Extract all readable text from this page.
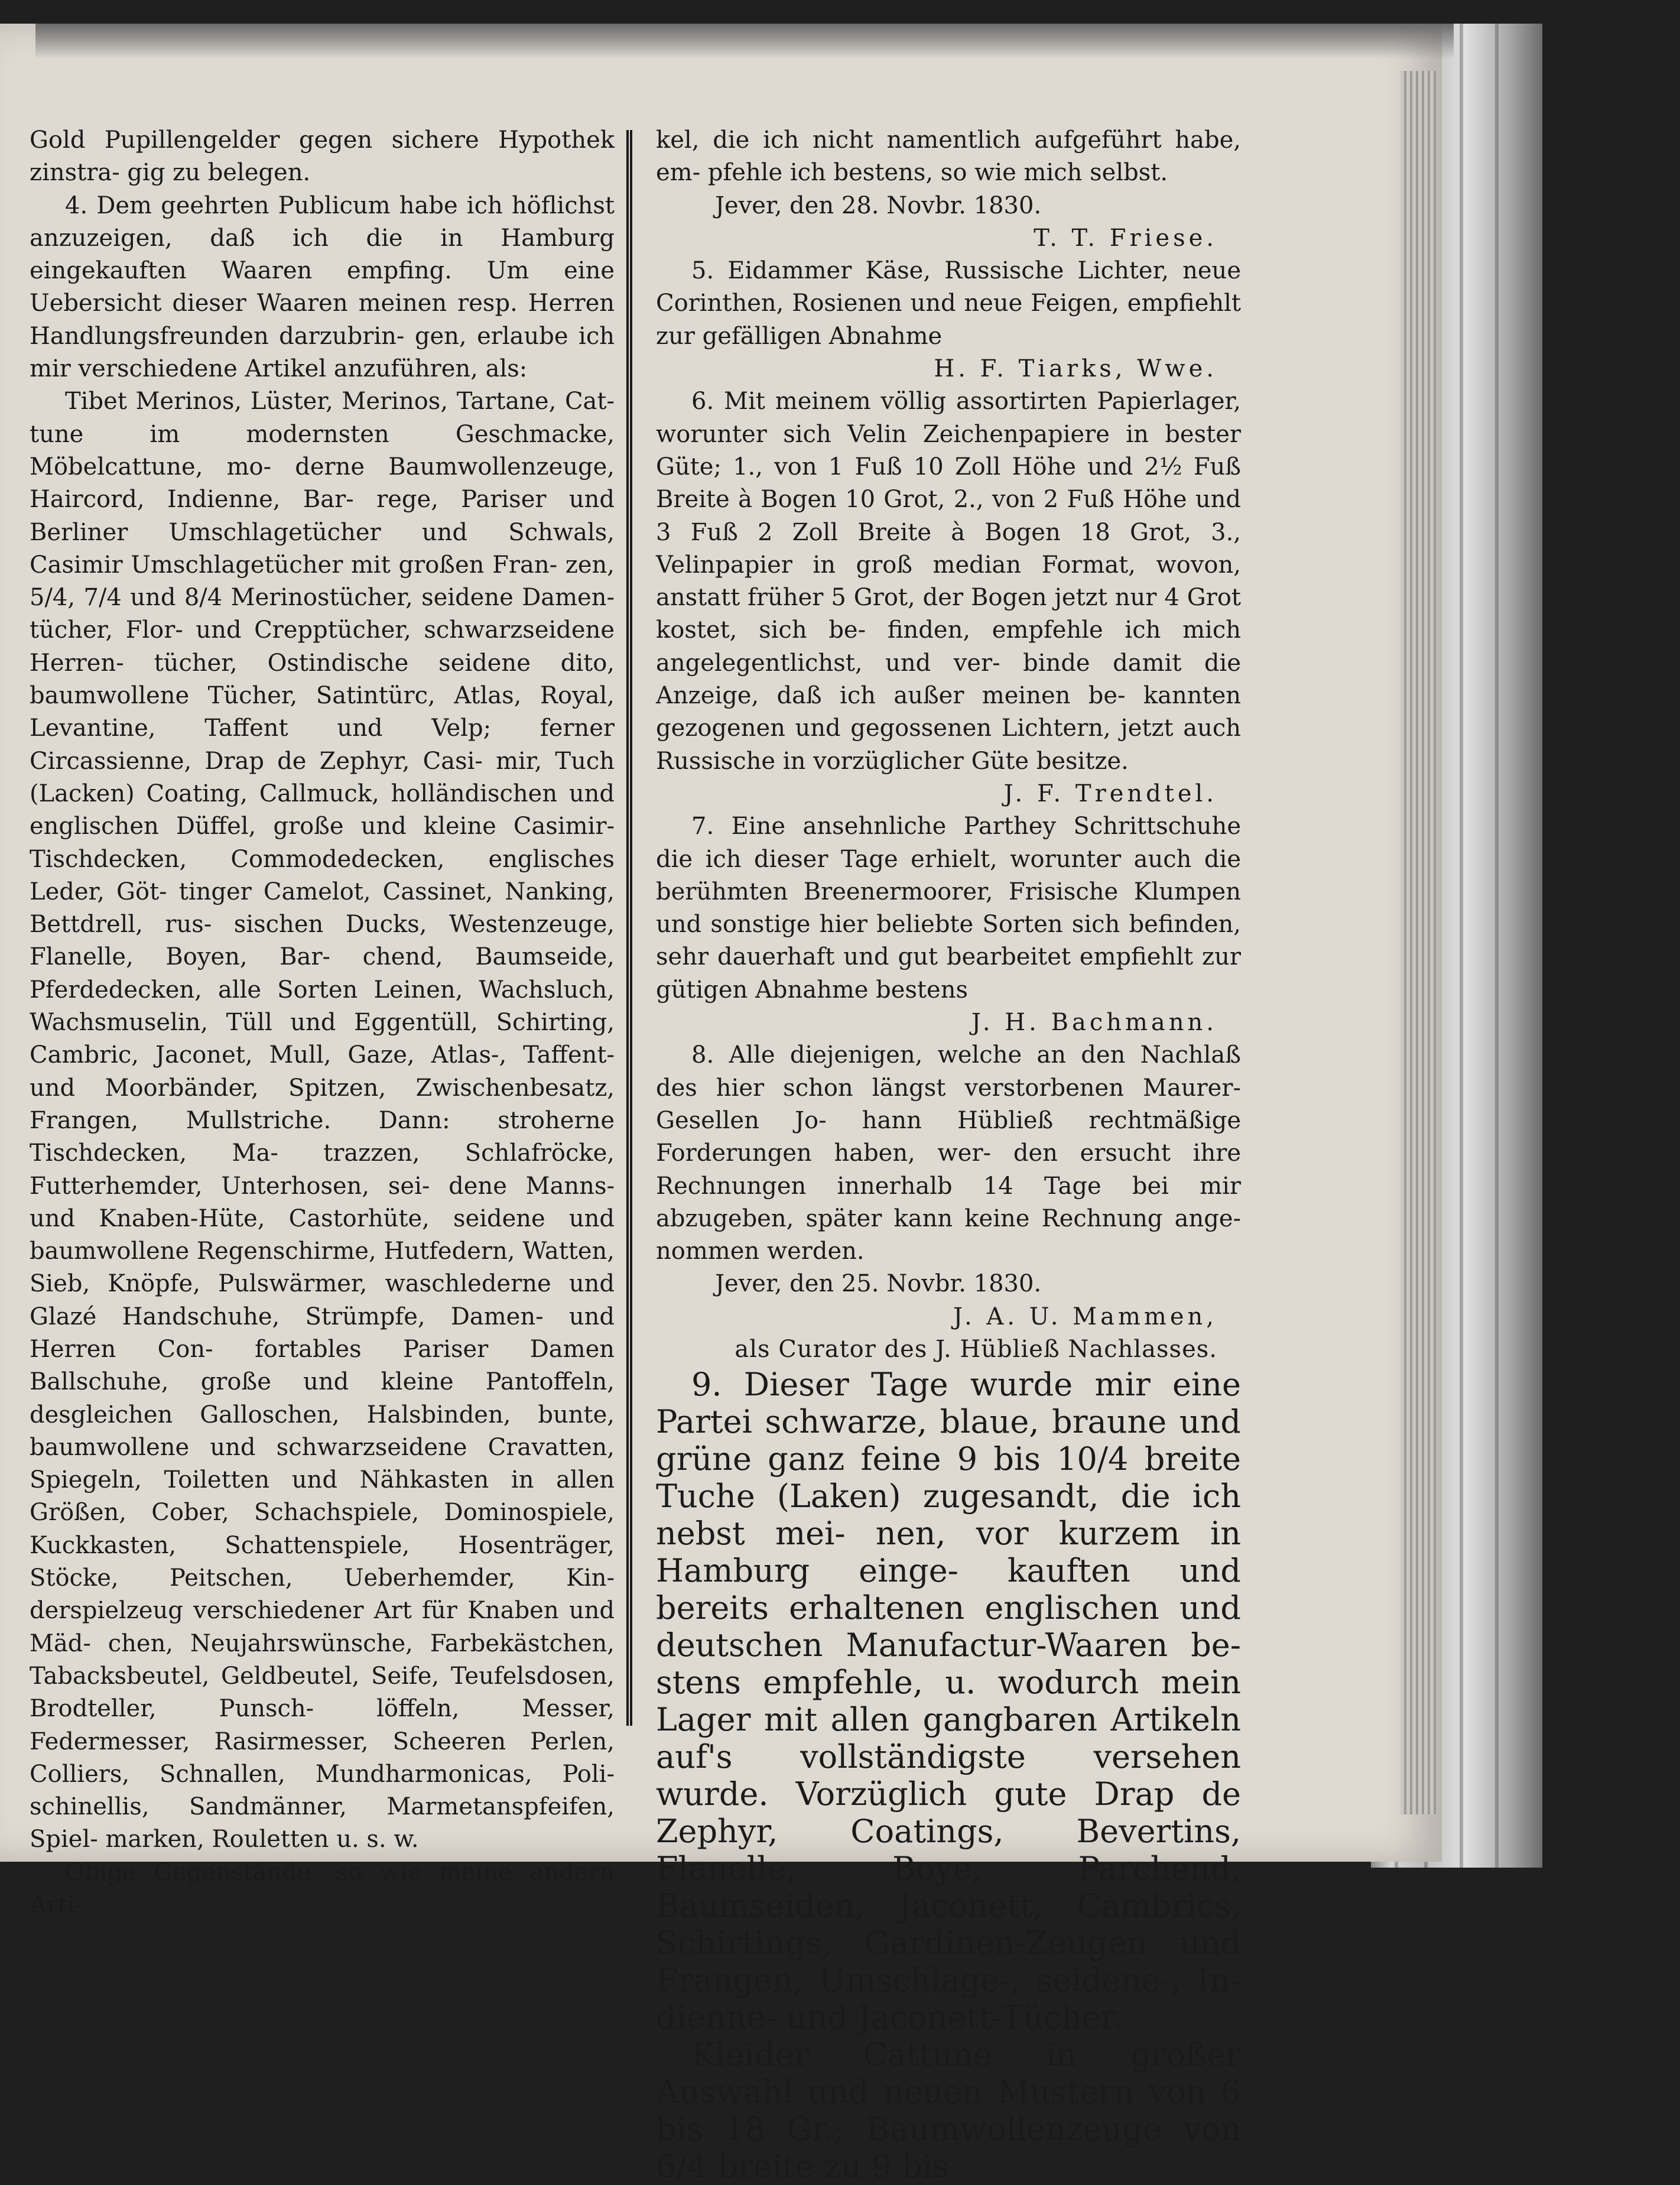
Gold Pupillengelder gegen sichere Hypothek zinstra- gig zu belegen.

4. Dem geehrten Publicum habe ich höflichst anzuzeigen, daß ich die in Hamburg eingekauften Waaren empfing. Um eine Uebersicht dieser Waaren meinen resp. Herren Handlungsfreunden darzubrin- gen, erlaube ich mir verschiedene Artikel anzuführen, als:

Tibet Merinos, Lüster, Merinos, Tartane, Cat- tune im modernsten Geschmacke, Möbelcattune, mo- derne Baumwollenzeuge, Haircord, Indienne, Bar- rege, Pariser und Berliner Umschlagetücher und Schwals, Casimir Umschlagetücher mit großen Fran- zen, 5/4, 7/4 und 8/4 Merinostücher, seidene Damen- tücher, Flor- und Crepptücher, schwarzseidene Herren- tücher, Ostindische seidene dito, baumwollene Tücher, Satintürc, Atlas, Royal, Levantine, Taffent und Velp; ferner Circassienne, Drap de Zephyr, Casi- mir, Tuch (Lacken) Coating, Callmuck, holländischen und englischen Düffel, große und kleine Casimir- Tischdecken, Commodedecken, englisches Leder, Göt- tinger Camelot, Cassinet, Nanking, Bettdrell, rus- sischen Ducks, Westenzeuge, Flanelle, Boyen, Bar- chend, Baumseide, Pferdedecken, alle Sorten Leinen, Wachsluch, Wachsmuselin, Tüll und Eggentüll, Schirting, Cambric, Jaconet, Mull, Gaze, Atlas-, Taffent- und Moorbänder, Spitzen, Zwischenbesatz, Frangen, Mullstriche. Dann: stroherne Tischdecken, Ma- trazzen, Schlafröcke, Futterhemder, Unterhosen, sei- dene Manns- und Knaben-Hüte, Castorhüte, seidene und baumwollene Regenschirme, Hutfedern, Watten, Sieb, Knöpfe, Pulswärmer, waschlederne und Glazé Handschuhe, Strümpfe, Damen- und Herren Con- fortables Pariser Damen Ballschuhe, große und kleine Pantoffeln, desgleichen Galloschen, Halsbinden, bunte, baumwollene und schwarzseidene Cravatten, Spiegeln, Toiletten und Nähkasten in allen Größen, Cober, Schachspiele, Dominospiele, Kuckkasten, Schattenspiele, Hosenträger, Stöcke, Peitschen, Ueberhemder, Kin- derspielzeug verschiedener Art für Knaben und Mäd- chen, Neujahrswünsche, Farbekästchen, Tabacksbeutel, Geldbeutel, Seife, Teufelsdosen, Brodteller, Punsch- löffeln, Messer, Federmesser, Rasirmesser, Scheeren Perlen, Colliers, Schnallen, Mundharmonicas, Poli- schinellis, Sandmänner, Marmetanspfeifen, Spiel- marken, Rouletten u. s. w.

Obige Gegenstände, so wie meine andern Arti-

kel, die ich nicht namentlich aufgeführt habe, em- pfehle ich bestens, so wie mich selbst.

Jever, den 28. Novbr. 1830.

T. T. Friese.

5. Eidammer Käse, Russische Lichter, neue Corinthen, Rosienen und neue Feigen, empfiehlt zur gefälligen Abnahme

H. F. Tiarks, Wwe.

6. Mit meinem völlig assortirten Papierlager, worunter sich Velin Zeichenpapiere in bester Güte; 1., von 1 Fuß 10 Zoll Höhe und 2½ Fuß Breite à Bogen 10 Grot, 2., von 2 Fuß Höhe und 3 Fuß 2 Zoll Breite à Bogen 18 Grot, 3., Velinpapier in groß median Format, wovon, anstatt früher 5 Grot, der Bogen jetzt nur 4 Grot kostet, sich be- finden, empfehle ich mich angelegentlichst, und ver- binde damit die Anzeige, daß ich außer meinen be- kannten gezogenen und gegossenen Lichtern, jetzt auch Russische in vorzüglicher Güte besitze.

J. F. Trendtel.

7. Eine ansehnliche Parthey Schrittschuhe die ich dieser Tage erhielt, worunter auch die berühmten Breenermoorer, Frisische Klumpen und sonstige hier beliebte Sorten sich befinden, sehr dauerhaft und gut bearbeitet empfiehlt zur gütigen Abnahme bestens

J. H. Bachmann.

8. Alle diejenigen, welche an den Nachlaß des hier schon längst verstorbenen Maurer-Gesellen Jo- hann Hübließ rechtmäßige Forderungen haben, wer- den ersucht ihre Rechnungen innerhalb 14 Tage bei mir abzugeben, später kann keine Rechnung ange- nommen werden.

Jever, den 25. Novbr. 1830.

J. A. U. Mammen,

als Curator des J. Hübließ Nachlasses.

9. Dieser Tage wurde mir eine Partei schwarze, blaue, braune und grüne ganz feine 9 bis 10/4 breite Tuche (Laken) zugesandt, die ich nebst mei- nen, vor kurzem in Hamburg einge- kauften und bereits erhaltenen englischen und deutschen Manufactur-Waaren be- stens empfehle, u. wodurch mein Lager mit allen gangbaren Artikeln auf's vollständigste versehen wurde. Vorzüglich gute Drap de Zephyr, Coatings, Bevertins, Flanelle, Boye, Parchend, Baumseiden, Jaconett, Cambrics, Schirtings, Gardinen-Zeugen und Frangen, Umschlage-, seidene-, In- dienne- und Jaconett-Tücher.

Kleider Cattune in großer Auswahl und neuen Mustern von 6 bis 18 Gr.; Baumwollenzeuge von 6/4 breite zu 9 bis
